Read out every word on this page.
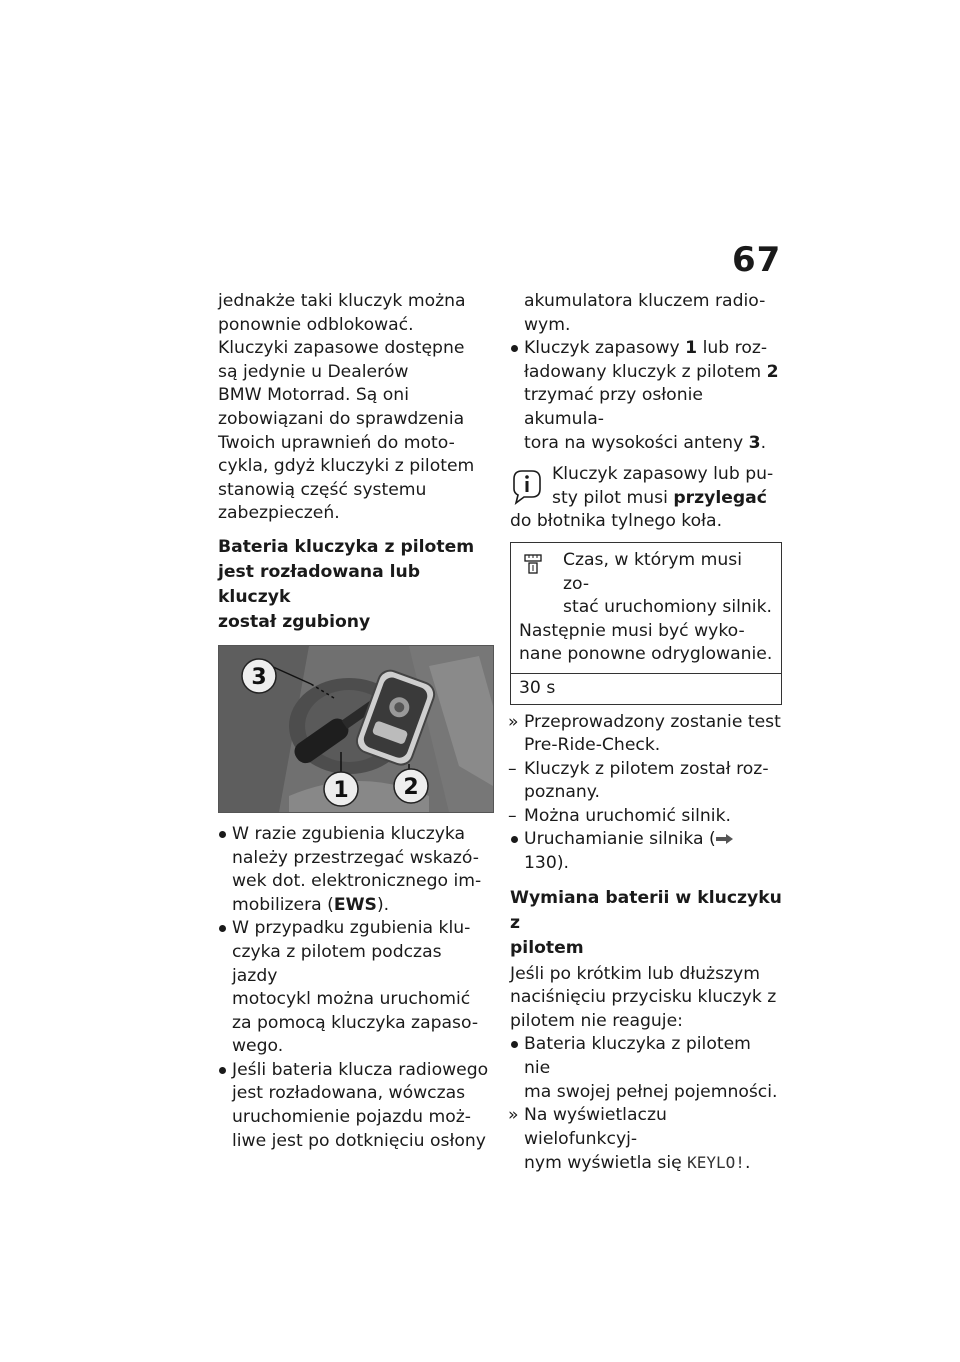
67

jednakże taki kluczyk można
ponownie odblokować.
Kluczyki zapasowe dostępne
są jedynie u Dealerów
BMW Motorrad. Są oni
zobowiązani do sprawdzenia
Twoich uprawnień do moto-
cykla, gdyż kluczyki z pilotem
stanowią część systemu
zabezpieczeń.

Bateria kluczyka z pilotem
jest rozładowana lub kluczyk
został zgubiony

3
1 2

W razie zgubienia kluczyka
należy przestrzegać wskazó-
wek dot. elektronicznego im-
mobilizera (EWS).

W przypadku zgubienia klu-
czyka z pilotem podczas jazdy
motocykl można uruchomić
za pomocą kluczyka zapaso-
wego.

Jeśli bateria klucza radiowego
jest rozładowana, wówczas
uruchomienie pojazdu moż-
liwe jest po dotknięciu osłony

akumulatora kluczem radio-
wym.

Kluczyk zapasowy 1 lub roz-
ładowany kluczyk z pilotem 2
trzymać przy osłonie akumula-
tora na wysokości anteny 3.

Kluczyk zapasowy lub pu-
sty pilot musi przylegać
do błotnika tylnego koła.
Czas, w którym musi zo-
stać uruchomiony silnik.
Następnie musi być wyko-
nane ponowne odryglowanie.
30 s

» Przeprowadzony zostanie test
Pre-Ride-Check.

– Kluczyk z pilotem został roz-
poznany.

– Można uruchomić silnik.

Uruchamianie silnika ( 130).

Wymiana baterii w kluczyku z
pilotem

Jeśli po krótkim lub dłuższym
naciśnięciu przycisku kluczyk z
pilotem nie reaguje:

Bateria kluczyka z pilotem nie
ma swojej pełnej pojemności.

» Na wyświetlaczu wielofunkcyj-
nym wyświetla się KEYLO!.
